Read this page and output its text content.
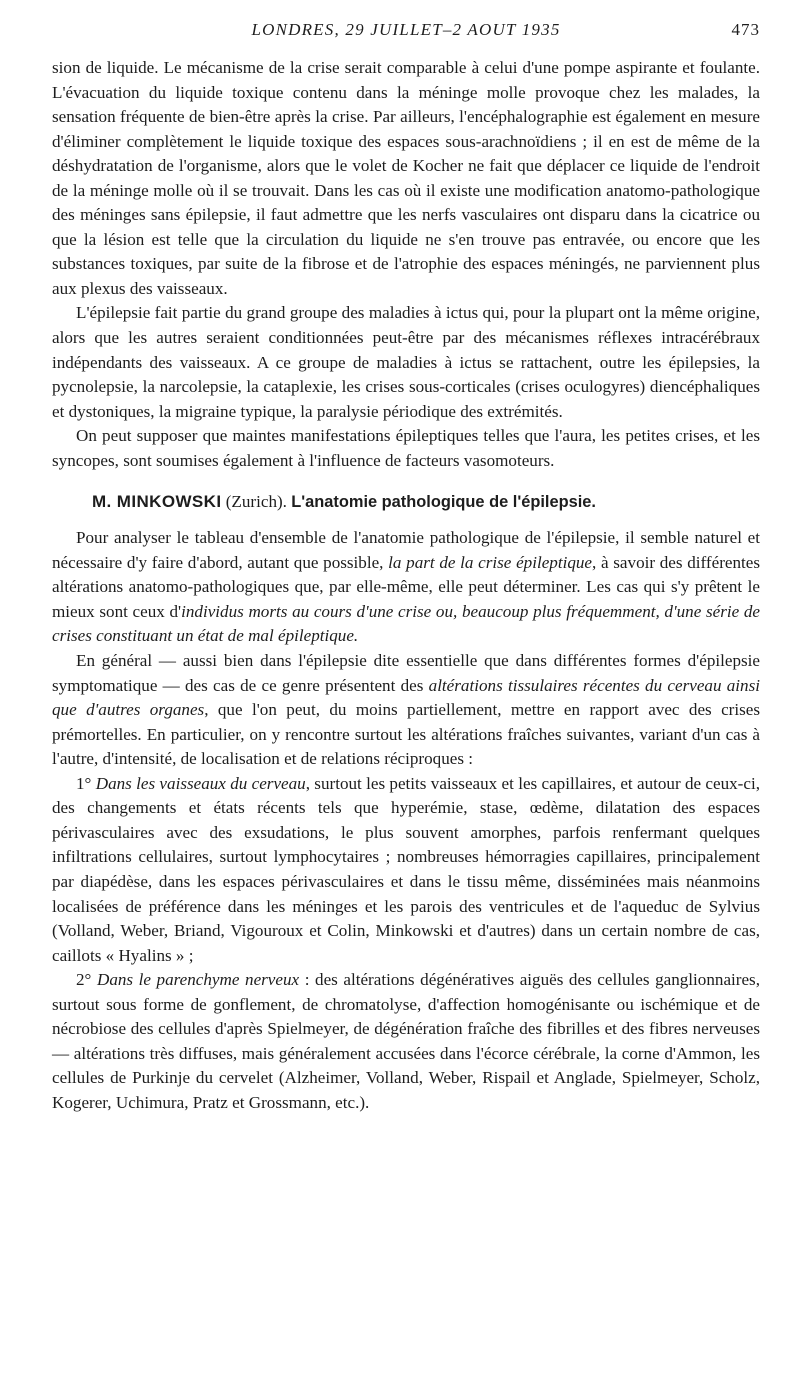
LONDRES, 29 JUILLET–2 AOUT 1935	473

sion de liquide. Le mécanisme de la crise serait comparable à celui d'une pompe aspirante et foulante. L'évacuation du liquide toxique contenu dans la méninge molle provoque chez les malades, la sensation fréquente de bien-être après la crise. Par ailleurs, l'encéphalographie est également en mesure d'éliminer complètement le liquide toxique des espaces sous-arachnoïdiens ; il en est de même de la déshydratation de l'organisme, alors que le volet de Kocher ne fait que déplacer ce liquide de l'endroit de la méninge molle où il se trouvait. Dans les cas où il existe une modification anatomo-pathologique des méninges sans épilepsie, il faut admettre que les nerfs vasculaires ont disparu dans la cicatrice ou que la lésion est telle que la circulation du liquide ne s'en trouve pas entravée, ou encore que les substances toxiques, par suite de la fibrose et de l'atrophie des espaces méningés, ne parviennent plus aux plexus des vaisseaux.

L'épilepsie fait partie du grand groupe des maladies à ictus qui, pour la plupart ont la même origine, alors que les autres seraient conditionnées peut-être par des mécanismes réflexes intracérébraux indépendants des vaisseaux. A ce groupe de maladies à ictus se rattachent, outre les épilepsies, la pycnolepsie, la narcolepsie, la cataplexie, les crises sous-corticales (crises oculogyres) diencéphaliques et dystoniques, la migraine typique, la paralysie périodique des extrémités.

On peut supposer que maintes manifestations épileptiques telles que l'aura, les petites crises, et les syncopes, sont soumises également à l'influence de facteurs vasomoteurs.

M. MINKOWSKI (Zurich). L'anatomie pathologique de l'épilepsie.

Pour analyser le tableau d'ensemble de l'anatomie pathologique de l'épilepsie, il semble naturel et nécessaire d'y faire d'abord, autant que possible, la part de la crise épileptique, à savoir des différentes altérations anatomo-pathologiques que, par elle-même, elle peut déterminer. Les cas qui s'y prêtent le mieux sont ceux d'individus morts au cours d'une crise ou, beaucoup plus fréquemment, d'une série de crises constituant un état de mal épileptique.

En général — aussi bien dans l'épilepsie dite essentielle que dans différentes formes d'épilepsie symptomatique — des cas de ce genre présentent des altérations tissulaires récentes du cerveau ainsi que d'autres organes, que l'on peut, du moins partiellement, mettre en rapport avec des crises prémortelles. En particulier, on y rencontre surtout les altérations fraîches suivantes, variant d'un cas à l'autre, d'intensité, de localisation et de relations réciproques :

1° Dans les vaisseaux du cerveau, surtout les petits vaisseaux et les capillaires, et autour de ceux-ci, des changements et états récents tels que hyperémie, stase, œdème, dilatation des espaces périvasculaires avec des exsudations, le plus souvent amorphes, parfois renfermant quelques infiltrations cellulaires, surtout lymphocytaires ; nombreuses hémorragies capillaires, principalement par diapédèse, dans les espaces périvasculaires et dans le tissu même, disséminées mais néanmoins localisées de préférence dans les méninges et les parois des ventricules et de l'aqueduc de Sylvius (Volland, Weber, Briand, Vigouroux et Colin, Minkowski et d'autres) dans un certain nombre de cas, caillots « Hyalins » ;

2° Dans le parenchyme nerveux : des altérations dégénératives aiguës des cellules ganglionnaires, surtout sous forme de gonflement, de chromatolyse, d'affection homogénisante ou ischémique et de nécrobiose des cellules d'après Spielmeyer, de dégénération fraîche des fibrilles et des fibres nerveuses — altérations très diffuses, mais généralement accusées dans l'écorce cérébrale, la corne d'Ammon, les cellules de Purkinje du cervelet (Alzheimer, Volland, Weber, Rispail et Anglade, Spielmeyer, Scholz, Kogerer, Uchimura, Pratz et Grossmann, etc.).
